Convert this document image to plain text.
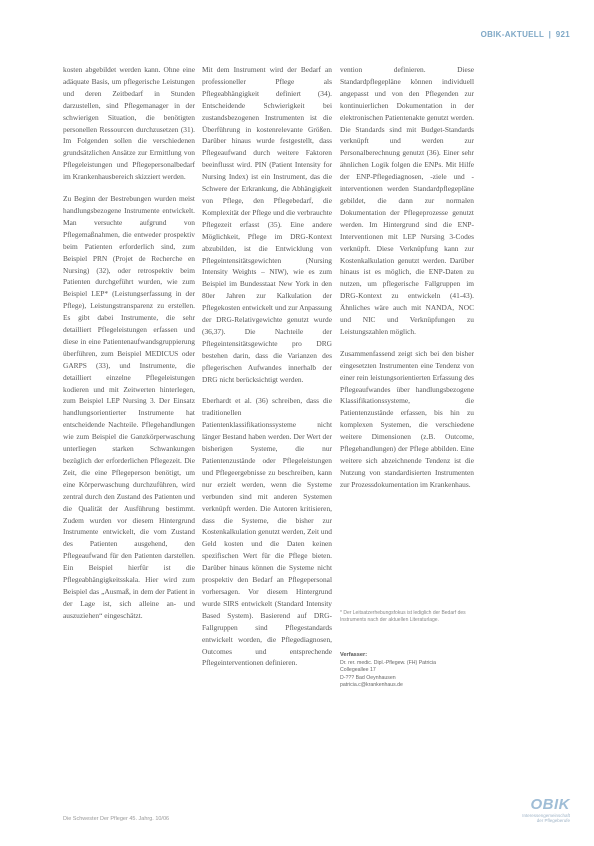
OBIK-AKTUELL | 921

kosten abgebildet werden kann. Ohne eine adäquate Basis, um pflegerische Leistungen und deren Zeitbedarf in Stunden darzustellen, sind Pflegemanager in der schwierigen Situation, die benötigten personellen Ressourcen durchzusetzen (31). Im Folgenden sollen die verschiedenen grundsätzlichen Ansätze zur Ermittlung von Pflegeleistungen und Pflegepersonalbedarf im Krankenhausbereich skizziert werden.

Zu Beginn der Bestrebungen wurden meist handlungsbezogene Instrumente entwickelt. Man versuchte aufgrund von Pflegemaßnahmen, die entweder prospektiv beim Patienten erforderlich sind, zum Beispiel PRN (Projet de Recherche en Nursing) (32), oder retrospektiv beim Patienten durchgeführt wurden, wie zum Beispiel LEP* (Leistungserfassung in der Pflege), Leistungstransparenz zu erstellen. Es gibt dabei Instrumente, die sehr detailliert Pflegeleistungen erfassen und diese in eine Patientenaufwandsgruppierung überführen, zum Beispiel MEDICUS oder GARPS (33), und Instrumente, die detailliert einzelne Pflegeleistungen kodieren und mit Zeitwerten hinterlegen, zum Beispiel LEP Nursing 3. Der Einsatz handlungsorientierter Instrumente hat entscheidende Nachteile. Pflegehandlungen wie zum Beispiel die Ganzkörperwaschung unterliegen starken Schwankungen bezüglich der erforderlichen Pflegezeit. Die Zeit, die eine Pflegeperson benötigt, um eine Körperwaschung durchzuführen, wird zentral durch den Zustand des Patienten und die Qualität der Ausführung bestimmt. Zudem wurden vor diesem Hintergrund Instrumente entwickelt, die vom Zustand des Patienten ausgehend, den Pflegeaufwand für den Patienten darstellen. Ein Beispiel hierfür ist die Pflegeabhängigkeitsskala. Hier wird zum Beispiel das „Ausmaß, in dem der Patient in der Lage ist, sich alleine an- und auszuziehen“ eingeschätzt.

Mit dem Instrument wird der Bedarf an professioneller Pflege als Pflegeabhängigkeit definiert (34). Entscheidende Schwierigkeit bei zustandsbezogenen Instrumenten ist die Überführung in kostenrelevante Größen. Darüber hinaus wurde festgestellt, dass Pflegeaufwand durch weitere Faktoren beeinflusst wird. PIN (Patient Intensity for Nursing Index) ist ein Instrument, das die Schwere der Erkrankung, die Abhängigkeit von Pflege, den Pflegebedarf, die Komplexität der Pflege und die verbrauchte Pflegezeit erfasst (35). Eine andere Möglichkeit, Pflege im DRG-Kontext abzubilden, ist die Entwicklung von Pflegeintensitätsgewichten (Nursing Intensity Weights – NIW), wie es zum Beispiel im Bundesstaat New York in den 80er Jahren zur Kalkulation der Pflegekosten entwickelt und zur Anpassung der DRG-Relativgewichte genutzt wurde (36,37). Die Nachteile der Pflegeintensitätsgewichte pro DRG bestehen darin, dass die Varianzen des pflegerischen Aufwandes innerhalb der DRG nicht berücksichtigt werden.

Eberhardt et al. (36) schreiben, dass die traditionellen Patientenklassifikationssysteme nicht länger Bestand haben werden. Der Wert der bisherigen Systeme, die nur Patientenzustände oder Pflegeleistungen und Pflegeergebnisse zu beschreiben, kann nur erzielt werden, wenn die Systeme verbunden sind mit anderen Systemen verknüpft werden. Die Autoren kritisieren, dass die Systeme, die bisher zur Kostenkalkulation genutzt werden, Zeit und Geld kosten und die Daten keinen spezifischen Wert für die Pflege bieten. Darüber hinaus können die Systeme nicht prospektiv den Bedarf an Pflegepersonal vorhersagen. Vor diesem Hintergrund wurde SIRS entwickelt (Standard Intensity Based System). Basierend auf DRG-Fallgruppen sind Pflegestandards entwickelt worden, die Pflegediagnosen, Outcomes und entsprechende Pflegeinterventionen definieren.

vention definieren. Diese Standardpflegepläne können individuell angepasst und von den Pflegenden zur kontinuierlichen Dokumentation in der elektronischen Patientenakte genutzt werden. Die Standards sind mit Budget-Standards verknüpft und werden zur Personalberechnung genutzt (36). Einer sehr ähnlichen Logik folgen die ENPs. Mit Hilfe der ENP-Pflegediagnosen, -ziele und -interventionen werden Standardpflegepläne gebildet, die dann zur normalen Dokumentation der Pflegeprozesse genutzt werden. Im Hintergrund sind die ENP-Interventionen mit LEP Nursing 3-Codes verknüpft. Diese Verknüpfung kann zur Kostenkalkulation genutzt werden. Darüber hinaus ist es möglich, die ENP-Daten zu nutzen, um pflegerische Fallgruppen im DRG-Kontext zu entwickeln (41-43). Ähnliches wäre auch mit NANDA, NOC und NIC und Verknüpfungen zu Leistungszahlen möglich.

Zusammenfassend zeigt sich bei den bisher eingesetzten Instrumenten eine Tendenz von einer rein leistungsorientierten Erfassung des Pflegeaufwandes über handlungsbezogene Klassifikationssysteme, die Patientenzustände erfassen, bis hin zu komplexen Systemen, die verschiedene weitere Dimensionen (z.B. Outcome, Pflegehandlungen) der Pflege abbilden. Eine weitere sich abzeichnende Tendenz ist die Nutzung von standardisierten Instrumenten zur Prozessdokumentation im Krankenhaus.

* Der Leitsatzerhebungsfokus ist lediglich der Bedarf des Instruments nach der aktuellen Literaturlage.
Verfasser:
Dr. rer. medic. Dipl.-Pflegew. (FH) Patricia
Collegeallee 17
D-??? Bad Oeynhausen
patricia.c@krankenhaus.de
Die Schwester Der Pfleger 45. Jahrg. 10/06
OBIK
Interessengemeinschaft
der Pflegeberufe
